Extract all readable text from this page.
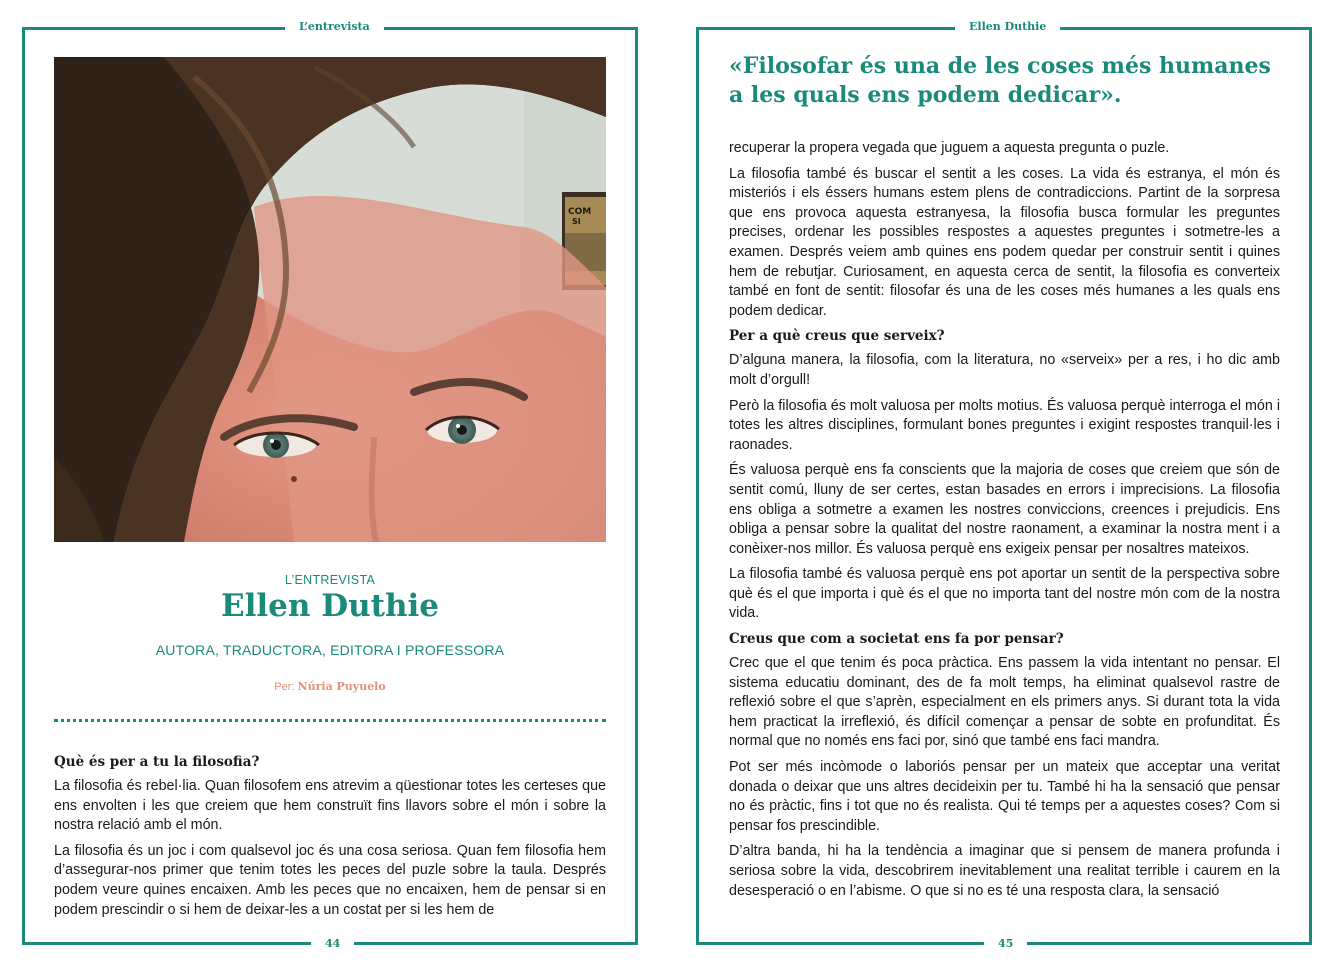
L’entrevista
44
Ellen Duthie
45
COM
SI
L’ENTREVISTA
Ellen Duthie
AUTORA, TRADUCTORA, EDITORA I PROFESSORA
Per: Núria Puyuelo
Què és per a tu la filosofia?

La filosofia és rebel·lia. Quan filosofem ens atrevim a qüestionar totes les certeses que ens envolten i les que creiem que hem construït fins llavors sobre el món i sobre la nostra relació amb el món.

La filosofia és un joc i com qualsevol joc és una cosa seriosa. Quan fem filosofia hem d’assegurar-nos primer que tenim totes les peces del puzle sobre la taula. Després podem veure quines encaixen. Amb les peces que no encaixen, hem de pensar si en podem prescindir o si hem de deixar-les a un costat per si les hem de

«Filosofar és una de les coses més humanes
a les quals ens podem dedicar».

recuperar la propera vegada que juguem a aquesta pregunta o puzle.

La filosofia també és buscar el sentit a les coses. La vida és estranya, el món és misteriós i els éssers humans estem plens de contradiccions. Partint de la sorpresa que ens provoca aquesta estranyesa, la filosofia busca formular les preguntes precises, ordenar les possibles respostes a aquestes preguntes i sotmetre-les a examen. Després veiem amb quines ens podem quedar per construir sentit i quines hem de rebutjar. Curiosament, en aquesta cerca de sentit, la filosofia es converteix també en font de sentit: filosofar és una de les coses més humanes a les quals ens podem dedicar.

Per a què creus que serveix?

D’alguna manera, la filosofia, com la literatura, no «serveix» per a res, i ho dic amb molt d’orgull!

Però la filosofia és molt valuosa per molts motius. És valuosa perquè interroga el món i totes les altres disciplines, formulant bones preguntes i exigint respostes tranquil·les i raonades.

És valuosa perquè ens fa conscients que la majoria de coses que creiem que són de sentit comú, lluny de ser certes, estan basades en errors i imprecisions. La filosofia ens obliga a sotmetre a examen les nostres conviccions, creences i prejudicis. Ens obliga a pensar sobre la qualitat del nostre raonament, a examinar la nostra ment i a conèixer-nos millor. És valuosa perquè ens exigeix pensar per nosaltres mateixos.

La filosofia també és valuosa perquè ens pot aportar un sentit de la perspectiva sobre què és el que importa i què és el que no importa tant del nostre món com de la nostra vida.

Creus que com a societat ens fa por pensar?

Crec que el que tenim és poca pràctica. Ens passem la vida intentant no pensar. El sistema educatiu dominant, des de fa molt temps, ha eliminat qualsevol rastre de reflexió sobre el que s’aprèn, especialment en els primers anys. Si durant tota la vida hem practicat la irreflexió, és difícil començar a pensar de sobte en profunditat. És normal que no només ens faci por, sinó que també ens faci mandra.

Pot ser més incòmode o laboriós pensar per un mateix que acceptar una veritat donada o deixar que uns altres decideixin per tu. També hi ha la sensació que pensar no és pràctic, fins i tot que no és realista. Qui té temps per a aquestes coses? Com si pensar fos prescindible.

D’altra banda, hi ha la tendència a imaginar que si pensem de manera profunda i seriosa sobre la vida, descobrirem inevitablement una realitat terrible i caurem en la desesperació o en l’abisme. O que si no es té una resposta clara, la sensació
